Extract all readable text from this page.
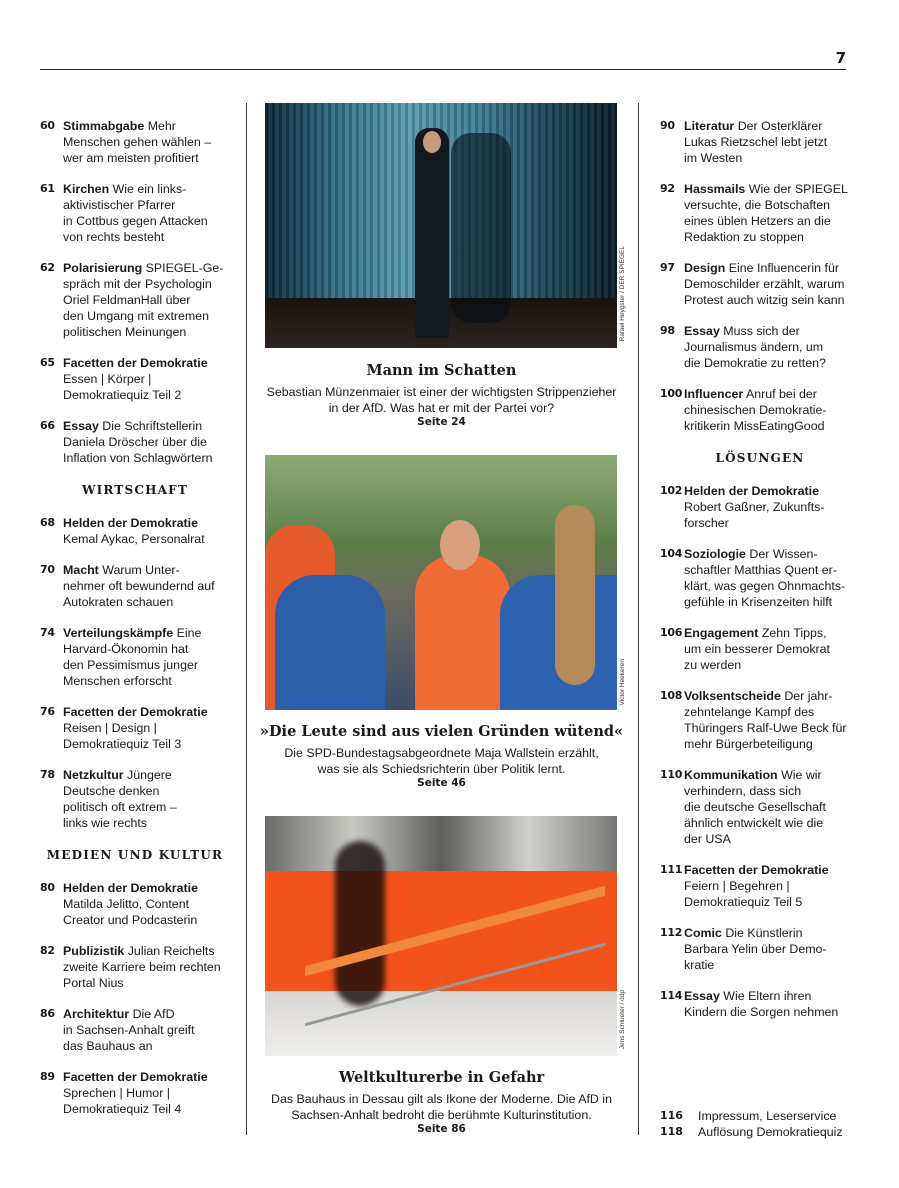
7
60 Stimmabgabe Mehr
Menschen gehen wählen –
wer am meisten profitiert
61 Kirchen Wie ein links-
aktivistischer Pfarrer
in Cottbus gegen Attacken
von rechts besteht
62 Polarisierung SPIEGEL-Ge-
spräch mit der Psychologin
Oriel FeldmanHall über
den Umgang mit extremen
politischen Meinungen
65 Facetten der Demokratie
Essen | Körper |
Demokratiequiz Teil 2
66 Essay Die Schriftstellerin
Daniela Dröscher über die
Inflation von Schlagwörtern
WIRTSCHAFT
68 Helden der Demokratie
Kemal Aykac, Personalrat
70 Macht Warum Unter-
nehmer oft bewundernd auf
Autokraten schauen
74 Verteilungskämpfe Eine
Harvard-Ökonomin hat
den Pessimismus junger
Menschen erforscht
76 Facetten der Demokratie
Reisen | Design |
Demokratiequiz Teil 3
78 Netzkultur Jüngere
Deutsche denken
politisch oft extrem –
links wie rechts
MEDIEN UND KULTUR
80 Helden der Demokratie
Matilda Jelitto, Content
Creator und Podcasterin
82 Publizistik Julian Reichelts
zweite Karriere beim rechten
Portal Nius
86 Architektur Die AfD
in Sachsen-Anhalt greift
das Bauhaus an
89 Facetten der Demokratie
Sprechen | Humor |
Demokratiequiz Teil 4
90 Literatur Der Osterklärer
Lukas Rietzschel lebt jetzt
im Westen
92 Hassmails Wie der SPIEGEL
versuchte, die Botschaften
eines üblen Hetzers an die
Redaktion zu stoppen
97 Design Eine Influencerin für
Demoschilder erzählt, warum
Protest auch witzig sein kann
98 Essay Muss sich der
Journalismus ändern, um
die Demokratie zu retten?
100 Influencer Anruf bei der
chinesischen Demokratie-
kritikerin MissEatingGood
LÖSUNGEN
102 Helden der Demokratie
Robert Gaßner, Zukunfts-
forscher
104 Soziologie Der Wissen-
schaftler Matthias Quent er-
klärt, was gegen Ohnmachts-
gefühle in Krisenzeiten hilft
106 Engagement Zehn Tipps,
um ein besserer Demokrat
zu werden
108 Volksentscheide Der jahr-
zehntelange Kampf des
Thüringers Ralf-Uwe Beck für
mehr Bürgerbeteiligung
110 Kommunikation Wie wir
verhindern, dass sich
die deutsche Gesellschaft
ähnlich entwickelt wie die
der USA
111 Facetten der Demokratie
Feiern | Begehren |
Demokratiequiz Teil 5
112 Comic Die Künstlerin
Barbara Yelin über Demo-
kratie
114 Essay Wie Eltern ihren
Kindern die Sorgen nehmen
Rafael Heygster / DER SPIEGEL
Mann im Schatten

Sebastian Münzenmaier ist einer der wichtigsten Strippenzieher
in der AfD. Was hat er mit der Partei vor?

Seite 24
Victor Heekeren
»Die Leute sind aus vielen Gründen wütend«

Die SPD-Bundestagsabgeordnete Maja Wallstein erzählt,
was sie als Schiedsrichterin über Politik lernt.

Seite 46
Jens Schlueter / ddp
Weltkulturerbe in Gefahr

Das Bauhaus in Dessau gilt als Ikone der Moderne. Die AfD in
Sachsen-Anhalt bedroht die berühmte Kulturinstitution.

Seite 86
116	Impressum, Leserservice
118	Auflösung Demokratiequiz
